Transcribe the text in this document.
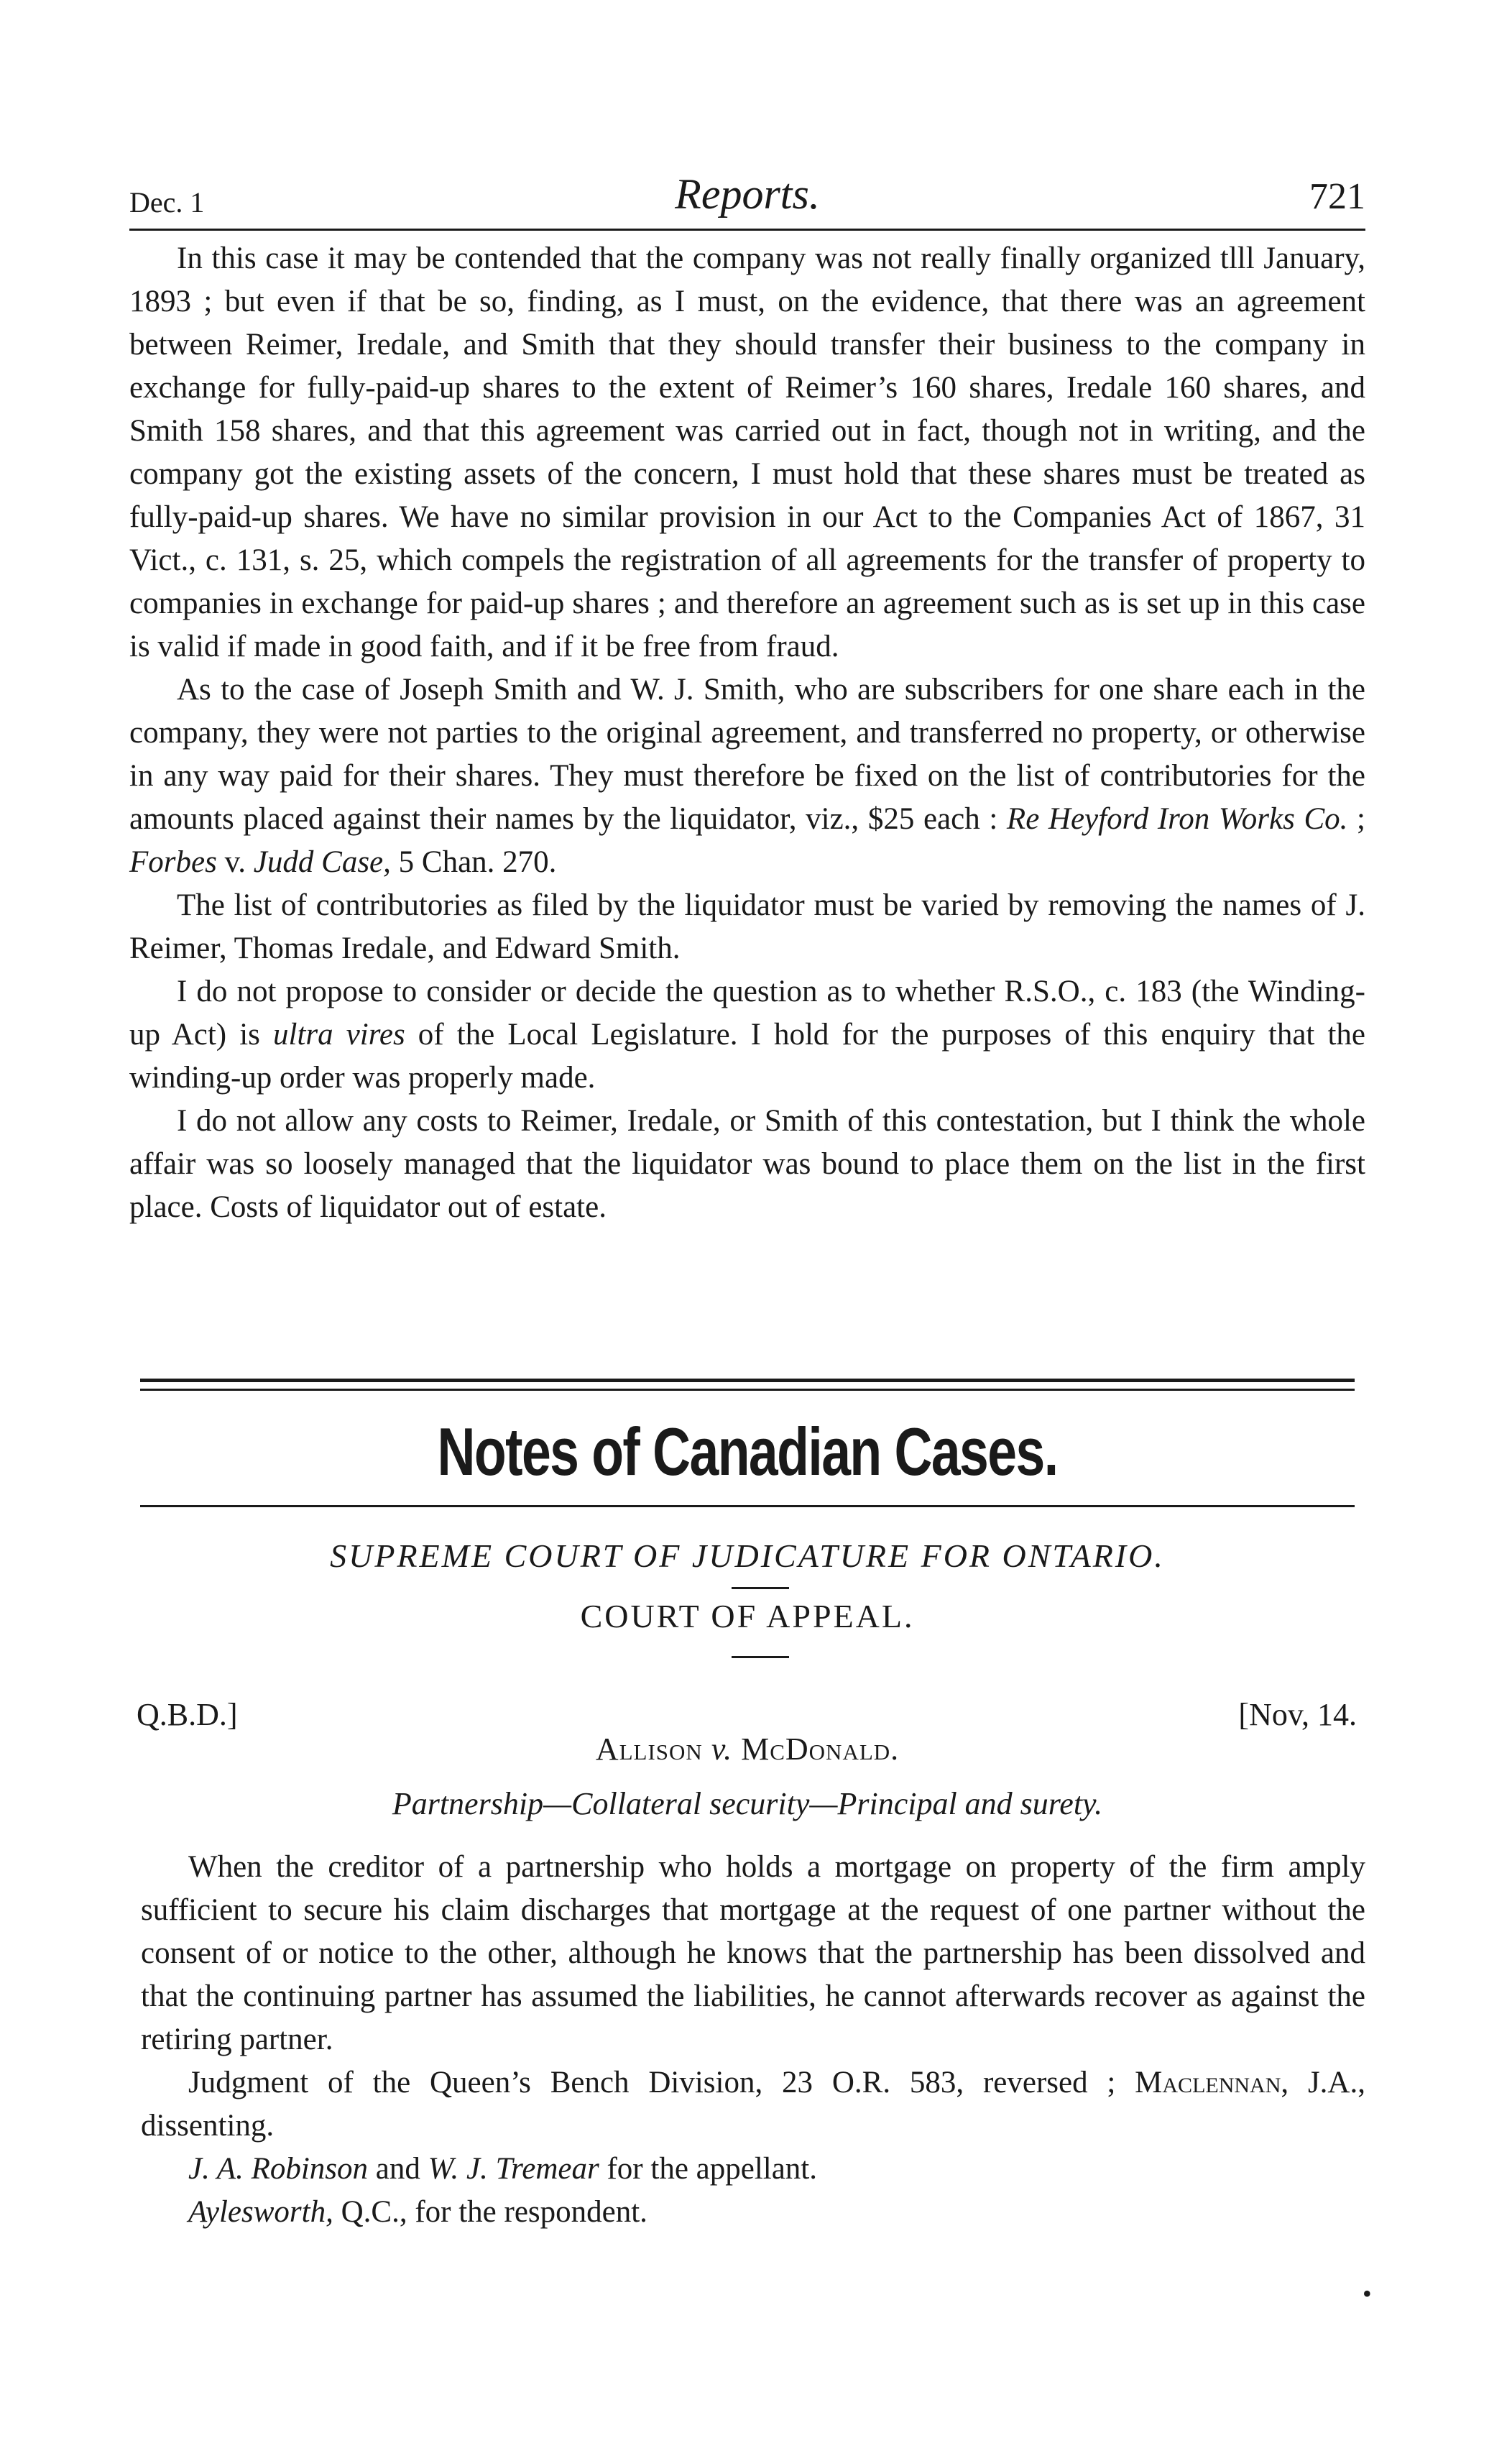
Dec. 1	Reports.	721

In this case it may be contended that the company was not really finally organized tlll January, 1893 ; but even if that be so, finding, as I must, on the evidence, that there was an agreement between Reimer, Iredale, and Smith that they should transfer their business to the company in exchange for fully-paid-up shares to the extent of Reimer’s 160 shares, Iredale 160 shares, and Smith 158 shares, and that this agreement was carried out in fact, though not in writing, and the company got the existing assets of the concern, I must hold that these shares must be treated as fully-paid-up shares. We have no similar provision in our Act to the Companies Act of 1867, 31 Vict., c. 131, s. 25, which compels the registration of all agreements for the transfer of property to companies in exchange for paid-up shares ; and therefore an agreement such as is set up in this case is valid if made in good faith, and if it be free from fraud.

As to the case of Joseph Smith and W. J. Smith, who are subscribers for one share each in the company, they were not parties to the original agreement, and transferred no property, or otherwise in any way paid for their shares. They must therefore be fixed on the list of contributories for the amounts placed against their names by the liquidator, viz., $25 each : Re Heyford Iron Works Co. ; Forbes v. Judd Case, 5 Chan. 270.

The list of contributories as filed by the liquidator must be varied by removing the names of J. Reimer, Thomas Iredale, and Edward Smith.

I do not propose to consider or decide the question as to whether R.S.O., c. 183 (the Winding-up Act) is ultra vires of the Local Legislature. I hold for the purposes of this enquiry that the winding-up order was properly made.

I do not allow any costs to Reimer, Iredale, or Smith of this contestation, but I think the whole affair was so loosely managed that the liquidator was bound to place them on the list in the first place. Costs of liquidator out of estate.

Notes of Canadian Cases.
SUPREME COURT OF JUDICATURE FOR ONTARIO.
COURT OF APPEAL.
Q.B.D.]	[Nov, 14.
Allison v. McDonald.
Partnership—Collateral security—Principal and surety.

When the creditor of a partnership who holds a mortgage on property of the firm amply sufficient to secure his claim discharges that mortgage at the request of one partner without the consent of or notice to the other, although he knows that the partnership has been dissolved and that the continuing partner has assumed the liabilities, he cannot afterwards recover as against the retiring partner.

Judgment of the Queen’s Bench Division, 23 O.R. 583, reversed ; Maclennan, J.A., dissenting.

J. A. Robinson and W. J. Tremear for the appellant.

Aylesworth, Q.C., for the respondent.

•
